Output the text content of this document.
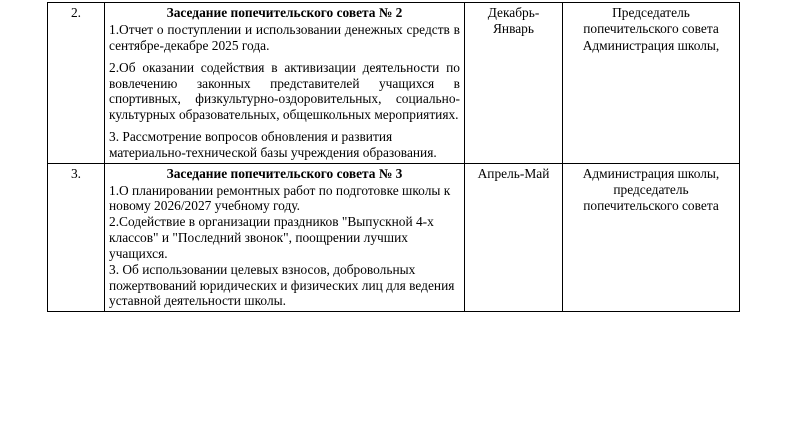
2.	Заседание попечительского совета № 2

1.Отчет о поступлении и использовании денежных средств в сентябре-декабре 2025 года.

2.Об оказании содействия в активизации деятельности по вовлечению законных представителей учащихся в спортивных, физкультурно-оздоровительных, социально-культурных образовательных, общешкольных мероприятиях.

3. Рассмотрение вопросов обновления и развития материально-технической базы учреждения образования.	Декабрь-Январь	Председатель попечительского совета Администрация школы,
3.	Заседание попечительского совета № 3

1.О планировании ремонтных работ по подготовке школы к новому 2026/2027 учебному году.

2.Содействие в организации праздников "Выпускной 4-х классов" и "Последний звонок", поощрении лучших учащихся.

3. Об использовании целевых взносов, добровольных пожертвований юридических и физических лиц для ведения уставной деятельности школы.	Апрель-Май	Администрация школы, председатель попечительского совета
